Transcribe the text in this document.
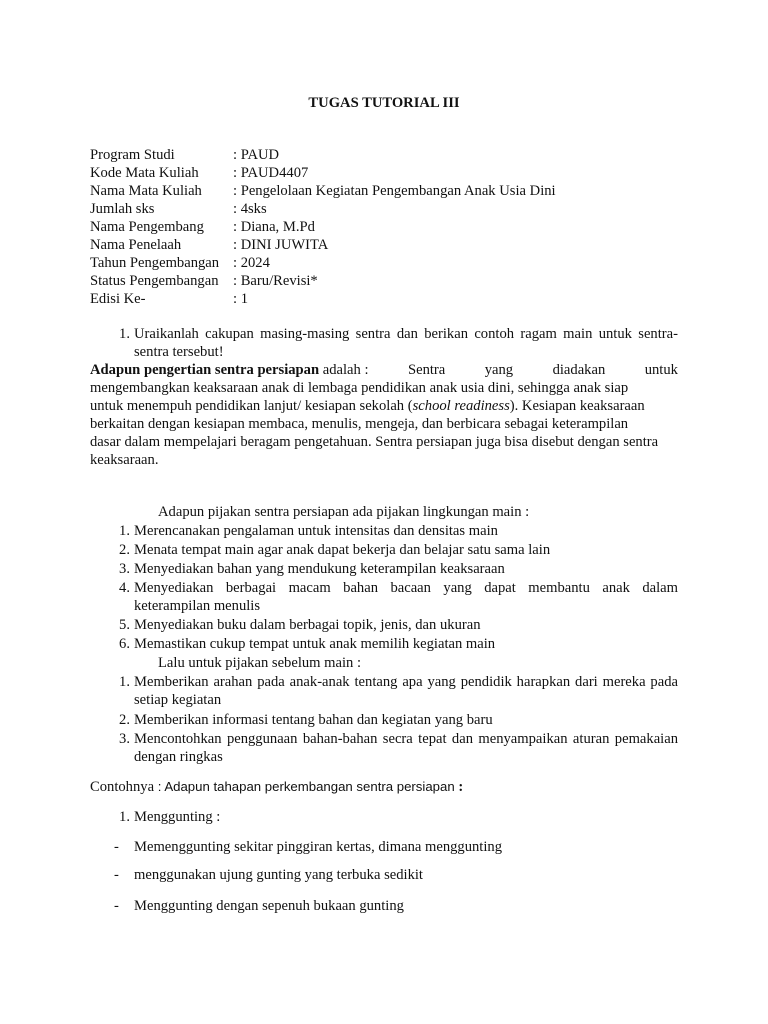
TUGAS TUTORIAL III
Program Studi	: PAUD
Kode Mata Kuliah	: PAUD4407
Nama Mata Kuliah	: Pengelolaan Kegiatan Pengembangan Anak Usia Dini
Jumlah sks	: 4sks
Nama Pengembang	: Diana, M.Pd
Nama Penelaah	: DINI JUWITA
Tahun Pengembangan : 2024
Status Pengembangan : Baru/Revisi*
Edisi Ke-	: 1
1. Uraikanlah cakupan masing-masing sentra dan berikan contoh ragam main untuk sentra-sentra tersebut!
Adapun pengertian sentra persiapan adalah :	Sentra	yang	diadakan	untuk
mengembangkan keaksaraan anak di lembaga pendidikan anak usia dini, sehingga anak siap
untuk menempuh pendidikan lanjut/ kesiapan sekolah (school readiness). Kesiapan keaksaraan
berkaitan dengan kesiapan membaca, menulis, mengeja, dan berbicara sebagai keterampilan
dasar dalam mempelajari beragam pengetahuan. Sentra persiapan juga bisa disebut dengan sentra
keaksaraan.
Adapun pijakan sentra persiapan ada pijakan lingkungan main :
1. Merencanakan pengalaman untuk intensitas dan densitas main
2. Menata tempat main agar anak dapat bekerja dan belajar satu sama lain
3. Menyediakan bahan yang mendukung keterampilan keaksaraan
4. Menyediakan berbagai macam bahan bacaan yang dapat membantu anak dalam keterampilan menulis
5. Menyediakan buku dalam berbagai topik, jenis, dan ukuran
6. Memastikan cukup tempat untuk anak memilih kegiatan main
Lalu untuk pijakan sebelum main :
1. Memberikan arahan pada anak-anak tentang apa yang pendidik harapkan dari mereka pada setiap kegiatan
2. Memberikan informasi tentang bahan dan kegiatan yang baru
3. Mencontohkan penggunaan bahan-bahan secra tepat dan menyampaikan aturan pemakaian dengan ringkas
Contohnya : Adapun tahapan perkembangan sentra persiapan :
1. Menggunting :
-	Memenggunting sekitar pinggiran kertas, dimana menggunting
-	menggunakan ujung gunting yang terbuka sedikit
-	Menggunting dengan sepenuh bukaan gunting
